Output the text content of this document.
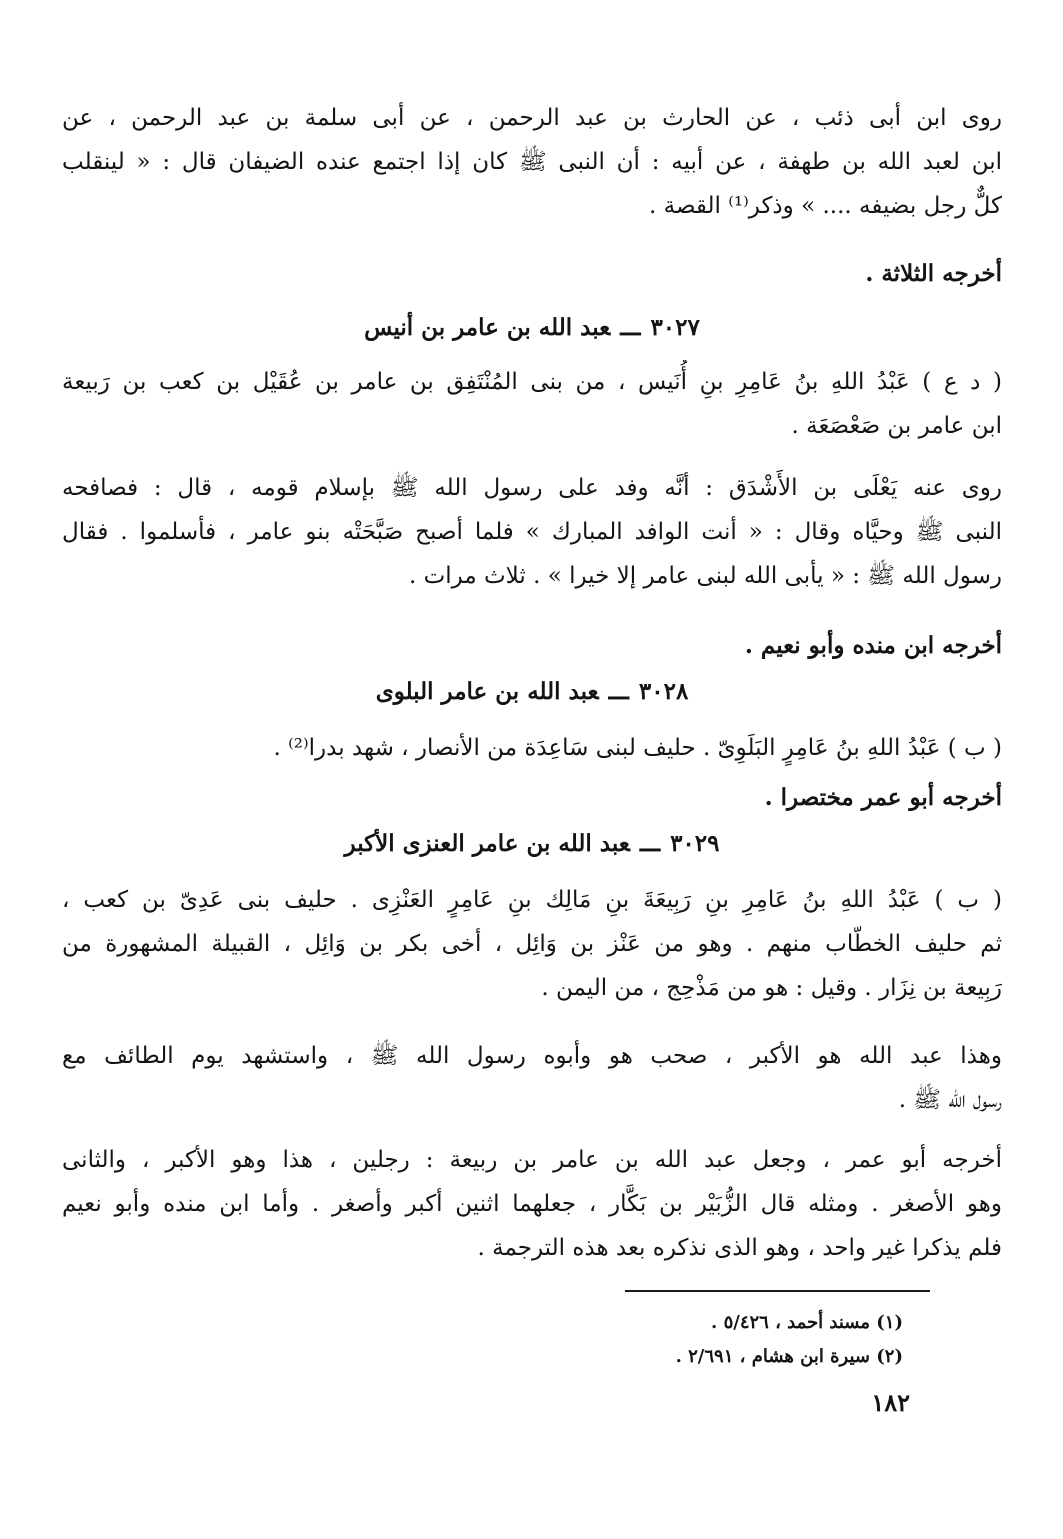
روى ابن أبى ذئب ، عن الحارث بن عبد الرحمن ، عن أبى سلمة بن عبد الرحمن ، عن
ابن لعبد الله بن طهفة ، عن أبيه : أن النبى ﷺ كان إذا اجتمع عنده الضيفان قال : « لينقلب
كلٌّ رجل بضيفه .... » وذكر⁽¹⁾ القصة .
أخرجه الثلاثة .
٣٠٢٧ـــعبد الله بن عامر بن أنيس
( د ع ) عَبْدُ اللهِ بنُ عَامِرِ بنِ أُنَيس ، من بنى المُنْتَفِق بن عامر بن عُقَيْل بن كعب بن رَبيعة
ابن عامر بن صَعْصَعَة .
روى عنه يَعْلَى بن الأَشْدَق : أنَّه وفد على رسول الله ﷺ بإسلام قومه ، قال : فصافحه
النبى ﷺ وحيَّاه وقال : « أنت الوافد المبارك » فلما أصبح صَبَّحَتْه بنو عامر ، فأسلموا . فقال
رسول الله ﷺ : « يأبى الله لبنى عامر إلا خيرا » . ثلاث مرات .
أخرجه ابن منده وأبو نعيم .
٣٠٢٨ـــعبد الله بن عامر البلوى
( ب ) عَبْدُ اللهِ بنُ عَامِرٍ البَلَوِىّ . حليف لبنى سَاعِدَة من الأنصار ، شهد بدرا⁽²⁾ .
أخرجه أبو عمر مختصرا .
٣٠٢٩ـــعبد الله بن عامر العنزى الأكبر
( ب ) عَبْدُ اللهِ بنُ عَامِرِ بنِ رَبِيعَةَ بنِ مَالِك بنِ عَامِرٍ العَنْزِى . حليف بنى عَدِىّ بن كعب ،
ثم حليف الخطّاب منهم . وهو من عَنْز بن وَائِل ، أخى بكر بن وَائِل ، القبيلة المشهورة من
رَبِيعة بن نِزَار . وقيل : هو من مَذْحِج ، من اليمن .
وهذا عبد الله هو الأكبر ، صحب هو وأبوه رسول الله ﷺ ، واستشهد يوم الطائف مع
رسول الله ﷺ .
أخرجه أبو عمر ، وجعل عبد الله بن عامر بن ربيعة : رجلين ، هذا وهو الأكبر ، والثانى
وهو الأصغر . ومثله قال الزُّبَيْر بن بَكَّار ، جعلهما اثنين أكبر وأصغر . وأما ابن منده وأبو نعيم
فلم يذكرا غير واحد ، وهو الذى نذكره بعد هذه الترجمة .
(١) مسند أحمد ، ٥/٤٢٦ .
(٢) سيرة ابن هشام ، ٢/٦٩١ .
١٨٢
